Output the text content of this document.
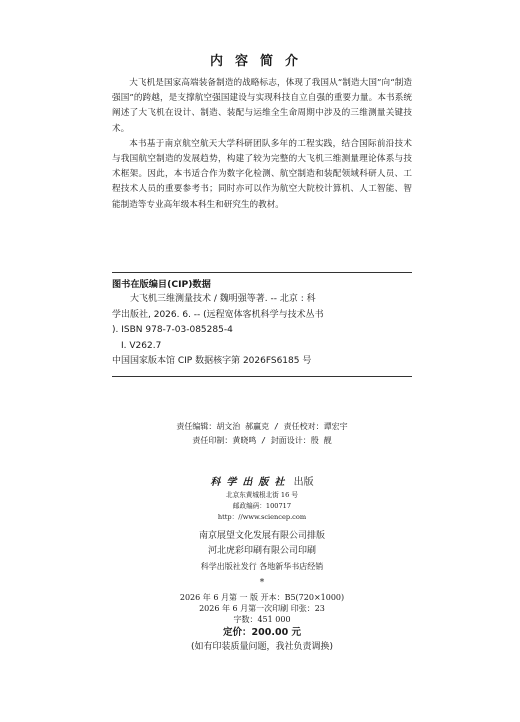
内容简介

大飞机是国家高端装备制造的战略标志，体现了我国从“制造大国”向“制造强国”的跨越，是支撑航空强国建设与实现科技自立自强的重要力量。本书系统阐述了大飞机在设计、制造、装配与运维全生命周期中涉及的三维测量关键技术。

本书基于南京航空航天大学科研团队多年的工程实践，结合国际前沿技术与我国航空制造的发展趋势，构建了较为完整的大飞机三维测量理论体系与技术框架。因此，本书适合作为数字化检测、航空制造和装配领域科研人员、工程技术人员的重要参考书；同时亦可以作为航空大院校计算机、人工智能、智能制造等专业高年级本科生和研究生的教材。

图书在版编目(CIP)数据
大飞机三维测量技术 / 魏明强等著. -- 北京 : 科
学出版社, 2026. 6. -- (远程宽体客机科学与技术丛书
). ISBN 978-7-03-085285-4
Ⅰ. V262.7
中国国家版本馆 CIP 数据核字第 2026FS6185 号
责任编辑：胡文治 郝赢克 / 责任校对：谭宏宇
责任印制：黄晓鸣 / 封面设计：殷 靓
科学出版社 出版
北京东黄城根北街 16 号
邮政编码：100717
http：//www.sciencep.com
南京展望文化发展有限公司排版
河北虎彩印刷有限公司印刷
科学出版社发行 各地新华书店经销
*
2026 年 6 月第 一 版 开本：B5(720×1000)
2026 年 6 月第一次印刷 印张：23
字数：451 000
定价：200.00 元
(如有印装质量问题，我社负责调换)
